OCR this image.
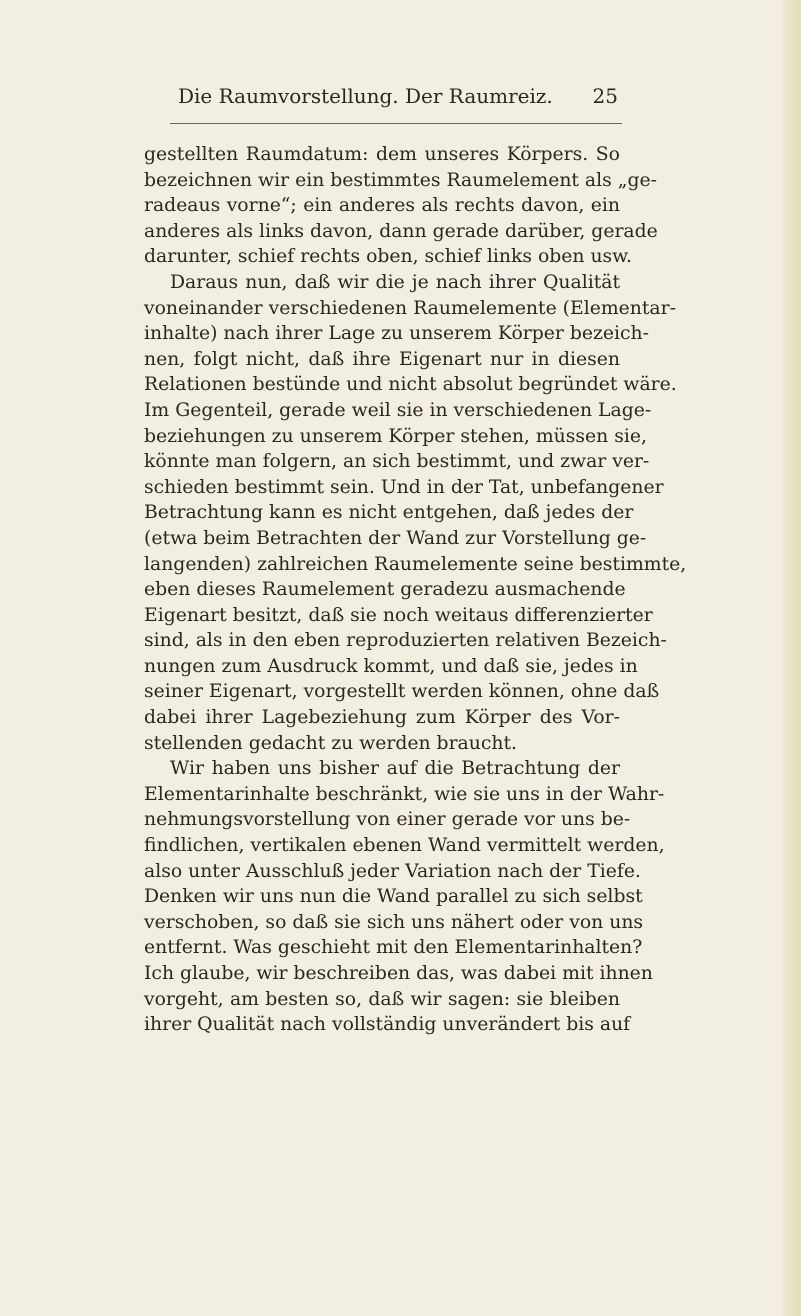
Die Raumvorstellung. Der Raumreiz. 25
gestellten Raumdatum: dem unseres Körpers. So
bezeichnen wir ein bestimmtes Raumelement als „ge-
radeaus vorne“; ein anderes als rechts davon, ein
anderes als links davon, dann gerade darüber, gerade
darunter, schief rechts oben, schief links oben usw.
Daraus nun, daß wir die je nach ihrer Qualität
voneinander verschiedenen Raumelemente (Elementar-
inhalte) nach ihrer Lage zu unserem Körper bezeich-
nen, folgt nicht, daß ihre Eigenart nur in diesen
Relationen bestünde und nicht absolut begründet wäre.
Im Gegenteil, gerade weil sie in verschiedenen Lage-
beziehungen zu unserem Körper stehen, müssen sie,
könnte man folgern, an sich bestimmt, und zwar ver-
schieden bestimmt sein. Und in der Tat, unbefangener
Betrachtung kann es nicht entgehen, daß jedes der
(etwa beim Betrachten der Wand zur Vorstellung ge-
langenden) zahlreichen Raumelemente seine bestimmte,
eben dieses Raumelement geradezu ausmachende
Eigenart besitzt, daß sie noch weitaus differenzierter
sind, als in den eben reproduzierten relativen Bezeich-
nungen zum Ausdruck kommt, und daß sie, jedes in
seiner Eigenart, vorgestellt werden können, ohne daß
dabei ihrer Lagebeziehung zum Körper des Vor-
stellenden gedacht zu werden braucht.
Wir haben uns bisher auf die Betrachtung der
Elementarinhalte beschränkt, wie sie uns in der Wahr-
nehmungsvorstellung von einer gerade vor uns be-
findlichen, vertikalen ebenen Wand vermittelt werden,
also unter Ausschluß jeder Variation nach der Tiefe.
Denken wir uns nun die Wand parallel zu sich selbst
verschoben, so daß sie sich uns nähert oder von uns
entfernt. Was geschieht mit den Elementarinhalten?
Ich glaube, wir beschreiben das, was dabei mit ihnen
vorgeht, am besten so, daß wir sagen: sie bleiben
ihrer Qualität nach vollständig unverändert bis auf
